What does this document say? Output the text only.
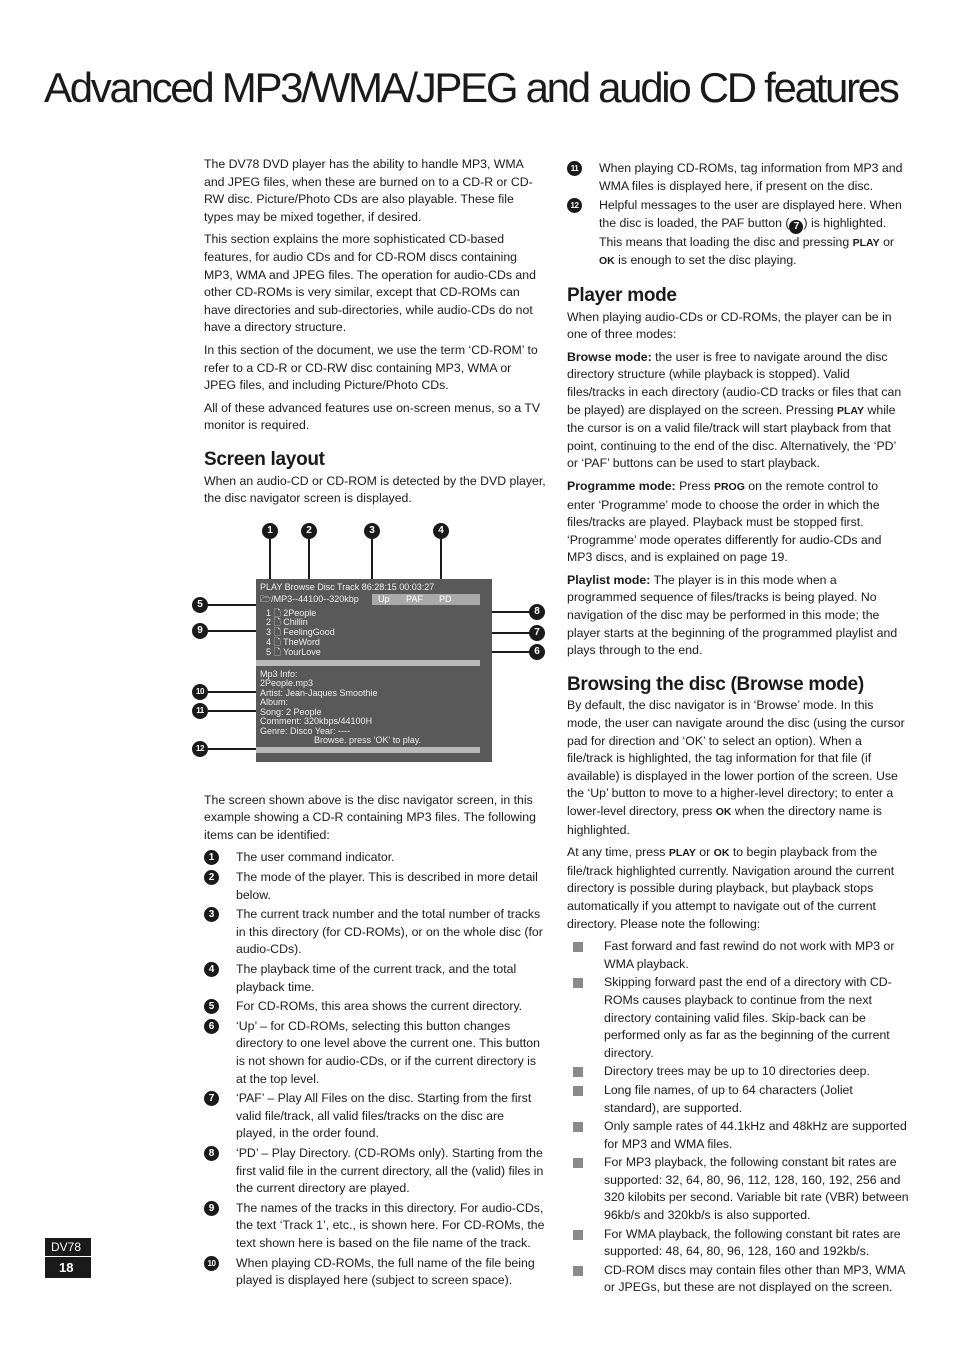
Advanced MP3/WMA/JPEG and audio CD features

The DV78 DVD player has the ability to handle MP3, WMA and JPEG files, when these are burned on to a CD-R or CD-RW disc. Picture/Photo CDs are also playable. These file types may be mixed together, if desired.

This section explains the more sophisticated CD-based features, for audio CDs and for CD-ROM discs containing MP3, WMA and JPEG files. The operation for audio-CDs and other CD-ROMs is very similar, except that CD-ROMs can have directories and sub-directories, while audio-CDs do not have a directory structure.

In this section of the document, we use the term ‘CD-ROM’ to refer to a CD-R or CD-RW disc containing MP3, WMA or JPEG files, and including Picture/Photo CDs.

All of these advanced features use on-screen menus, so a TV monitor is required.

Screen layout

When an audio-CD or CD-ROM is detected by the DVD player, the disc navigator screen is displayed.

1	2	3	4
5
9
10
11
12
8
7
6
PLAY Browse Disc Track 86:28:15 00:03:27
🗁/MP3--44100--320kbp Up PAF PD
1 🗋 2People
2 🗋 Chillin
3 🗋 FeelingGood
4 🗋 TheWord
5 🗋 YourLove
Mp3 Info:
2People.mp3
Artist: Jean-Jaques Smoothie
Album:
Song: 2 People
Comment: 320kbps/44100H
Genre: Disco Year: ----
Browse. press ‘OK’ to play.

The screen shown above is the disc navigator screen, in this example showing a CD-R containing MP3 files. The following items can be identified:

1	The user command indicator.
2	The mode of the player. This is described in more detail below.
3	The current track number and the total number of tracks in this directory (for CD-ROMs), or on the whole disc (for audio-CDs).
4	The playback time of the current track, and the total playback time.
5	For CD-ROMs, this area shows the current directory.
6	‘Up’ – for CD-ROMs, selecting this button changes directory to one level above the current one. This button is not shown for audio-CDs, or if the current directory is at the top level.
7	‘PAF’ – Play All Files on the disc. Starting from the first valid file/track, all valid files/tracks on the disc are played, in the order found.
8	‘PD’ – Play Directory. (CD-ROMs only). Starting from the first valid file in the current directory, all the (valid) files in the current directory are played.
9	The names of the tracks in this directory. For audio-CDs, the text ‘Track 1’, etc., is shown here. For CD-ROMs, the text shown here is based on the file name of the track.
10 When playing CD-ROMs, the full name of the file being played is displayed here (subject to screen space).
11	When playing CD-ROMs, tag information from MP3 and WMA files is displayed here, if present on the disc.
12 Helpful messages to the user are displayed here. When the disc is loaded, the PAF button ( 7 ) is highlighted. This means that loading the disc and pressing PLAY or OK is enough to set the disc playing.
Player mode

When playing audio-CDs or CD-ROMs, the player can be in one of three modes:

Browse mode: the user is free to navigate around the disc directory structure (while playback is stopped). Valid files/tracks in each directory (audio-CD tracks or files that can be played) are displayed on the screen. Pressing PLAY while the cursor is on a valid file/track will start playback from that point, continuing to the end of the disc. Alternatively, the ‘PD’ or ‘PAF’ buttons can be used to start playback.

Programme mode: Press PROG on the remote control to enter ‘Programme’ mode to choose the order in which the files/tracks are played. Playback must be stopped first. ‘Programme’ mode operates differently for audio-CDs and MP3 discs, and is explained on page 19.

Playlist mode: The player is in this mode when a programmed sequence of files/tracks is being played. No navigation of the disc may be performed in this mode; the player starts at the beginning of the programmed playlist and plays through to the end.

Browsing the disc (Browse mode)

By default, the disc navigator is in ‘Browse’ mode. In this mode, the user can navigate around the disc (using the cursor pad for direction and ‘OK’ to select an option). When a file/track is highlighted, the tag information for that file (if available) is displayed in the lower portion of the screen. Use the ‘Up’ button to move to a higher-level directory; to enter a lower-level directory, press OK when the directory name is highlighted.

At any time, press PLAY or OK to begin playback from the file/track highlighted currently. Navigation around the current directory is possible during playback, but playback stops automatically if you attempt to navigate out of the current directory. Please note the following:

Fast forward and fast rewind do not work with MP3 or WMA playback.
Skipping forward past the end of a directory with CD-ROMs causes playback to continue from the next directory containing valid files. Skip-back can be performed only as far as the beginning of the current directory.
Directory trees may be up to 10 directories deep.
Long file names, of up to 64 characters (Joliet standard), are supported.
Only sample rates of 44.1kHz and 48kHz are supported for MP3 and WMA files.
For MP3 playback, the following constant bit rates are supported: 32, 64, 80, 96, 112, 128, 160, 192, 256 and 320 kilobits per second. Variable bit rate (VBR) between 96kb/s and 320kb/s is also supported.
For WMA playback, the following constant bit rates are supported: 48, 64, 80, 96, 128, 160 and 192kb/s.
CD-ROM discs may contain files other than MP3, WMA or JPEGs, but these are not displayed on the screen.
DV78
18
